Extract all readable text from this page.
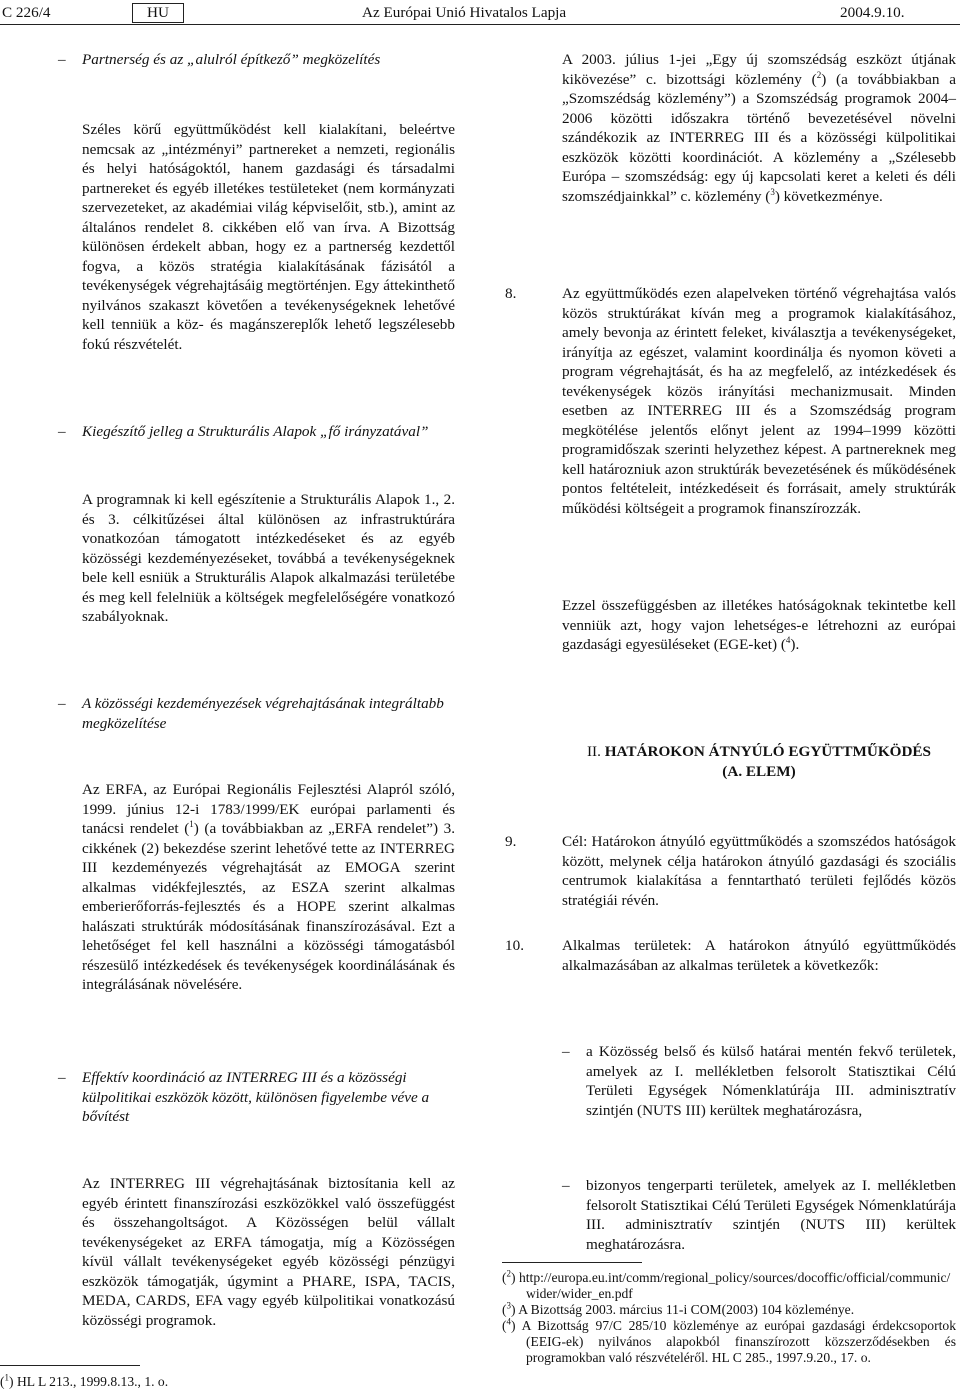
C 226/4	HU	Az Európai Unió Hivatalos Lapja	2004.9.10.
– Partnerség és az „alulról építkező” megközelítés
Széles körű együttműködést kell kialakítani, beleértve nemcsak az „intézményi” partnereket a nemzeti, regionális és helyi hatóságoktól, hanem gazdasági és társadalmi partnereket és egyéb illetékes testületeket (nem kormányzati szervezeteket, az akadémiai világ képviselőit, stb.), amint az általános rendelet 8. cikkében elő van írva. A Bizottság különösen érdekelt abban, hogy ez a partnerség kezdettől fogva, a közös stratégia kialakításának fázisától a tevékenységek végrehajtásáig megtörténjen. Egy áttekinthető nyilvános szakaszt követően a tevékenységeknek lehetővé kell tenniük a köz- és magánszereplők lehető legszélesebb fokú részvételét.
– Kiegészítő jelleg a Strukturális Alapok „fő irányzatával”
A programnak ki kell egészítenie a Strukturális Alapok 1., 2. és 3. célkitűzései által különösen az infrastruktúrára vonatkozóan támogatott intézkedéseket és az egyéb közösségi kezdeményezéseket, továbbá a tevékenységeknek bele kell esniük a Strukturális Alapok alkalmazási területébe és meg kell felelniük a költségek megfelelőségére vonatkozó szabályoknak.
–	A közösségi kezdeményezések végrehajtásának integráltabb megközelítése
Az ERFA, az Európai Regionális Fejlesztési Alapról szóló, 1999. június 12-i 1783/1999/EK európai parlamenti és tanácsi rendelet ($^1$) (a továbbiakban az „ERFA rendelet”) 3. cikkének (2) bekezdése szerint lehetővé tette az INTERREG III kezdeményezés végrehajtását az EMOGA szerint alkalmas vidékfejlesztés, az ESZA szerint alkalmas emberierőforrás-fejlesztés és a HOPE szerint alkalmas halászati struktúrák módosításának finanszírozásával. Ezt a lehetőséget fel kell használni a közösségi támogatásból részesülő intézkedések és tevékenységek koordinálásának és integrálásának növelésére.
–	Effektív koordináció az INTERREG III és a közösségi külpolitikai eszközök között, különösen figyelembe véve a bővítést
Az INTERREG III végrehajtásának biztosítania kell az egyéb érintett finanszírozási eszközökkel való összefüggést és összehangoltságot. A Közösségen belül vállalt tevékenységeket az ERFA támogatja, míg a Közösségen kívül vállalt tevékenységeket egyéb közösségi pénzügyi eszközök támogatják, úgymint a PHARE, ISPA, TACIS, MEDA, CARDS, EFA vagy egyéb külpolitikai vonatkozású közösségi programok.
($^1$) HL L 213., 1999.8.13., 1. o.
A 2003. július 1-jei „Egy új szomszédság eszközt útjának kikövezése” c. bizottsági közlemény ($^2$) (a továbbiakban a „Szomszédság közlemény”) a Szomszédság programok 2004–2006 közötti időszakra történő bevezetésével növelni szándékozik az INTERREG III és a közösségi külpolitikai eszközök közötti koordinációt. A közlemény a „Szélesebb Európa – szomszédság: egy új kapcsolati keret a keleti és déli szomszédjainkkal” c. közlemény ($^3$) következménye.
8.	Az együttműködés ezen alapelveken történő végrehajtása valós közös struktúrákat kíván meg a programok kialakításához, amely bevonja az érintett feleket, kiválasztja a tevékenységeket, irányítja az egészet, valamint koordinálja és nyomon követi a program végrehajtását, és ha az megfelelő, az intézkedések és tevékenységek közös irányítási mechanizmusait. Minden esetben az INTERREG III és a Szomszédság program megkötélése jelentős előnyt jelent az 1994–1999 közötti programidőszak szerinti helyzethez képest. A partnereknek meg kell határozniuk azon struktúrák bevezetésének és működésének pontos feltételeit, intézkedéseit és forrásait, amely struktúrák működési költségeit a programok finanszírozzák.
Ezzel összefüggésben az illetékes hatóságoknak tekintetbe kell venniük azt, hogy vajon lehetséges-e létrehozni az európai gazdasági egyesüléseket (EGE-ket) ($^4$).
II. HATÁROKON ÁTNYÚLÓ EGYÜTTMŰKÖDÉS
(A. ELEM)
9.	Cél: Határokon átnyúló együttműködés a szomszédos hatóságok között, melynek célja határokon átnyúló gazdasági és szociális centrumok kialakítása a fenntartható területi fejlődés közös stratégiái révén.
10.	Alkalmas területek: A határokon átnyúló együttműködés alkalmazásában az alkalmas területek a következők:
–	a Közösség belső és külső határai mentén fekvő területek, amelyek az I. mellékletben felsorolt Statisztikai Célú Területi Egységek Nómenklatúrája III. adminisztratív szintjén (NUTS III) kerültek meghatározásra,
–	bizonyos tengerparti területek, amelyek az I. mellékletben felsorolt Statisztikai Célú Területi Egységek Nómenklatúrája III. adminisztratív szintjén (NUTS III) kerültek meghatározásra.
($^2$) http://europa.eu.int/comm/regional_policy/sources/docoffic/official/communic/wider/wider_en.pdf
($^3$) A Bizottság 2003. március 11-i COM(2003) 104 közleménye.
($^4$) A Bizottság 97/C 285/10 közleménye az európai gazdasági érdekcsoportok (EEIG-ek) nyilvános alapokból finanszírozott közszerződésekben és programokban való részvételéről. HL C 285., 1997.9.20., 17. o.
